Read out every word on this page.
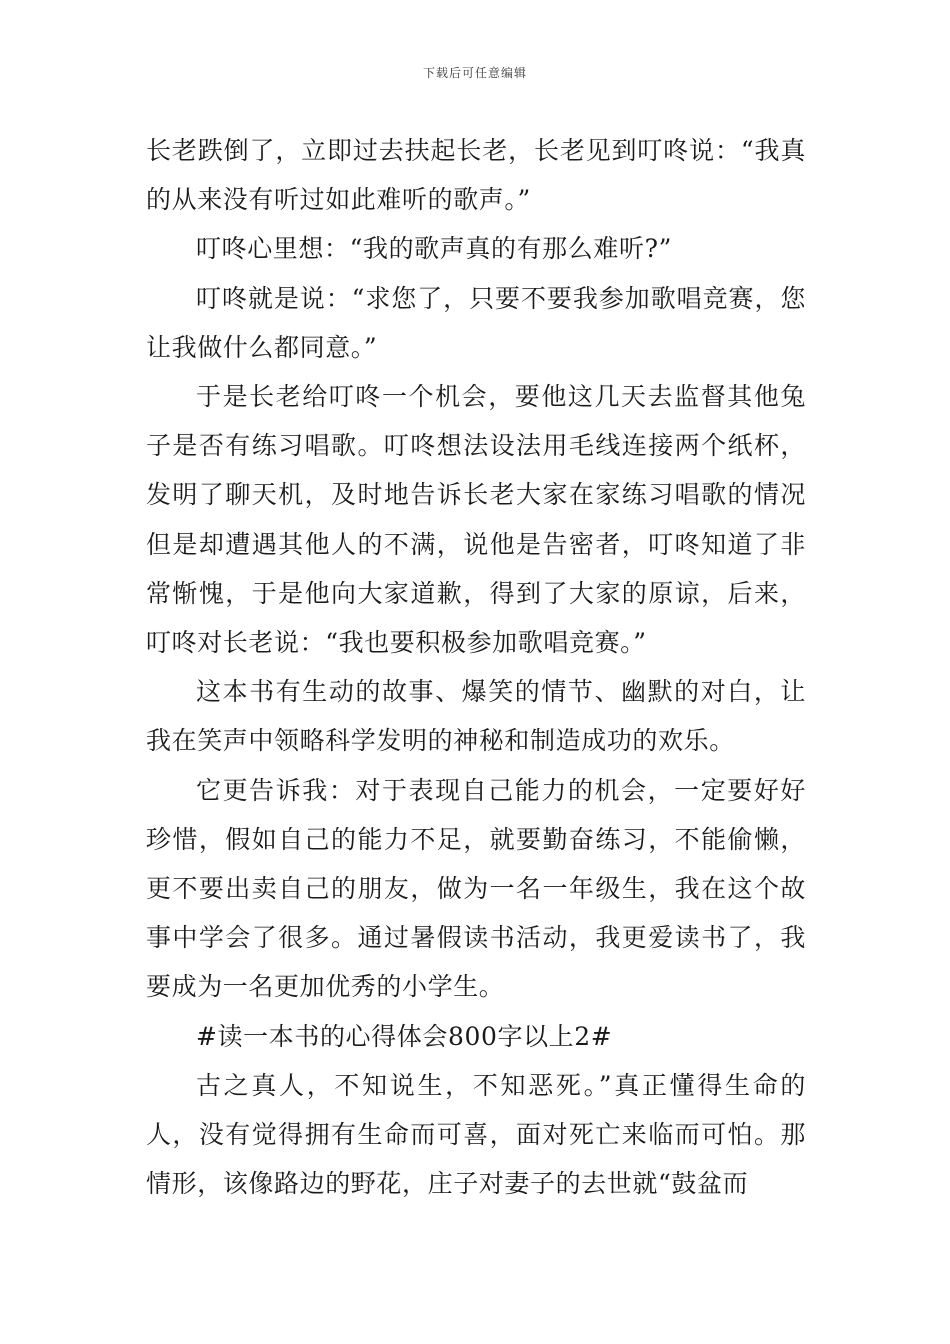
下载后可任意编辑

长老跌倒了，立即过去扶起长老，长老见到叮咚说：“我真的从来没有听过如此难听的歌声。”

叮咚心里想：“我的歌声真的有那么难听?”

叮咚就是说：“求您了，只要不要我参加歌唱竞赛，您让我做什么都同意。”

于是长老给叮咚一个机会，要他这几天去监督其他兔子是否有练习唱歌。叮咚想法设法用毛线连接两个纸杯，发明了聊天机，及时地告诉长老大家在家练习唱歌的情况但是却遭遇其他人的不满，说他是告密者，叮咚知道了非常惭愧，于是他向大家道歉，得到了大家的原谅，后来，叮咚对长老说：“我也要积极参加歌唱竞赛。”

这本书有生动的故事、爆笑的情节、幽默的对白，让我在笑声中领略科学发明的神秘和制造成功的欢乐。

它更告诉我：对于表现自己能力的机会，一定要好好珍惜，假如自己的能力不足，就要勤奋练习，不能偷懒，更不要出卖自己的朋友，做为一名一年级生，我在这个故事中学会了很多。通过暑假读书活动，我更爱读书了，我要成为一名更加优秀的小学生。

#读一本书的心得体会800字以上2#

古之真人，不知说生，不知恶死。”真正懂得生命的人，没有觉得拥有生命而可喜，面对死亡来临而可怕。那情形，该像路边的野花，庄子对妻子的去世就“鼓盆而
